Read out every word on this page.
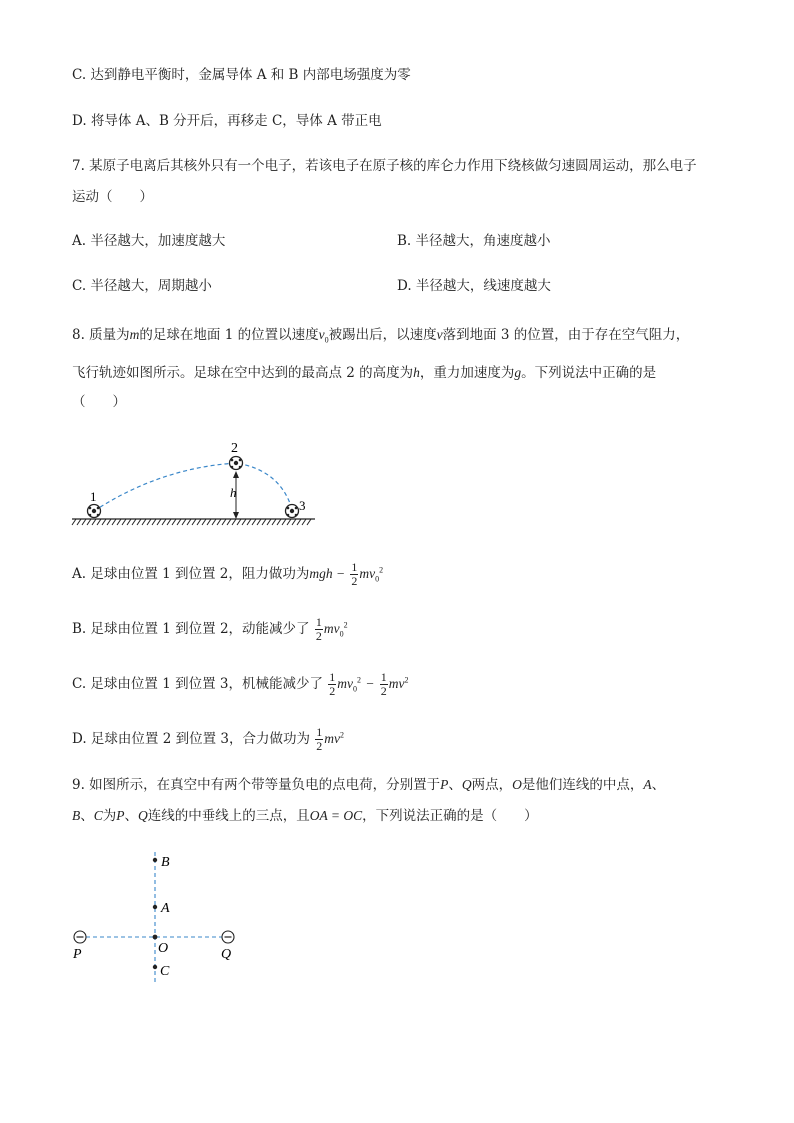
C. 达到静电平衡时，金属导体 A 和 B 内部电场强度为零
D. 将导体 A、B 分开后，再移走 C，导体 A 带正电
7. 某原子电离后其核外只有一个电子，若该电子在原子核的库仑力作用下绕核做匀速圆周运动，那么电子
运动（　　）
A. 半径越大，加速度越大	B. 半径越大，角速度越小
C. 半径越大，周期越小	D. 半径越大，线速度越大
8. 质量为m的足球在地面 1 的位置以速度$v_0$被踢出后，以速度v落到地面 3 的位置，由于存在空气阻力，
飞行轨迹如图所示。足球在空中达到的最高点 2 的高度为h，重力加速度为g。下列说法中正确的是
（　　）
1
2
3
h
A. 足球由位置 1 到位置 2，阻力做功为mgh − $\frac{1}{2} mv_0^2$
B. 足球由位置 1 到位置 2，动能减少了 $\frac{1}{2} mv_0^2$
C. 足球由位置 1 到位置 3，机械能减少了 $\frac{1}{2} mv_0^2 - \frac{1}{2} mv^2$
D. 足球由位置 2 到位置 3，合力做功为 $\frac{1}{2} mv^2$
9. 如图所示，在真空中有两个带等量负电的点电荷，分别置于P、Q两点，O是他们连线的中点，A、
B、C为P、Q连线的中垂线上的三点，且OA = OC，下列说法正确的是（　　）
B
A
O
C
P	Q
